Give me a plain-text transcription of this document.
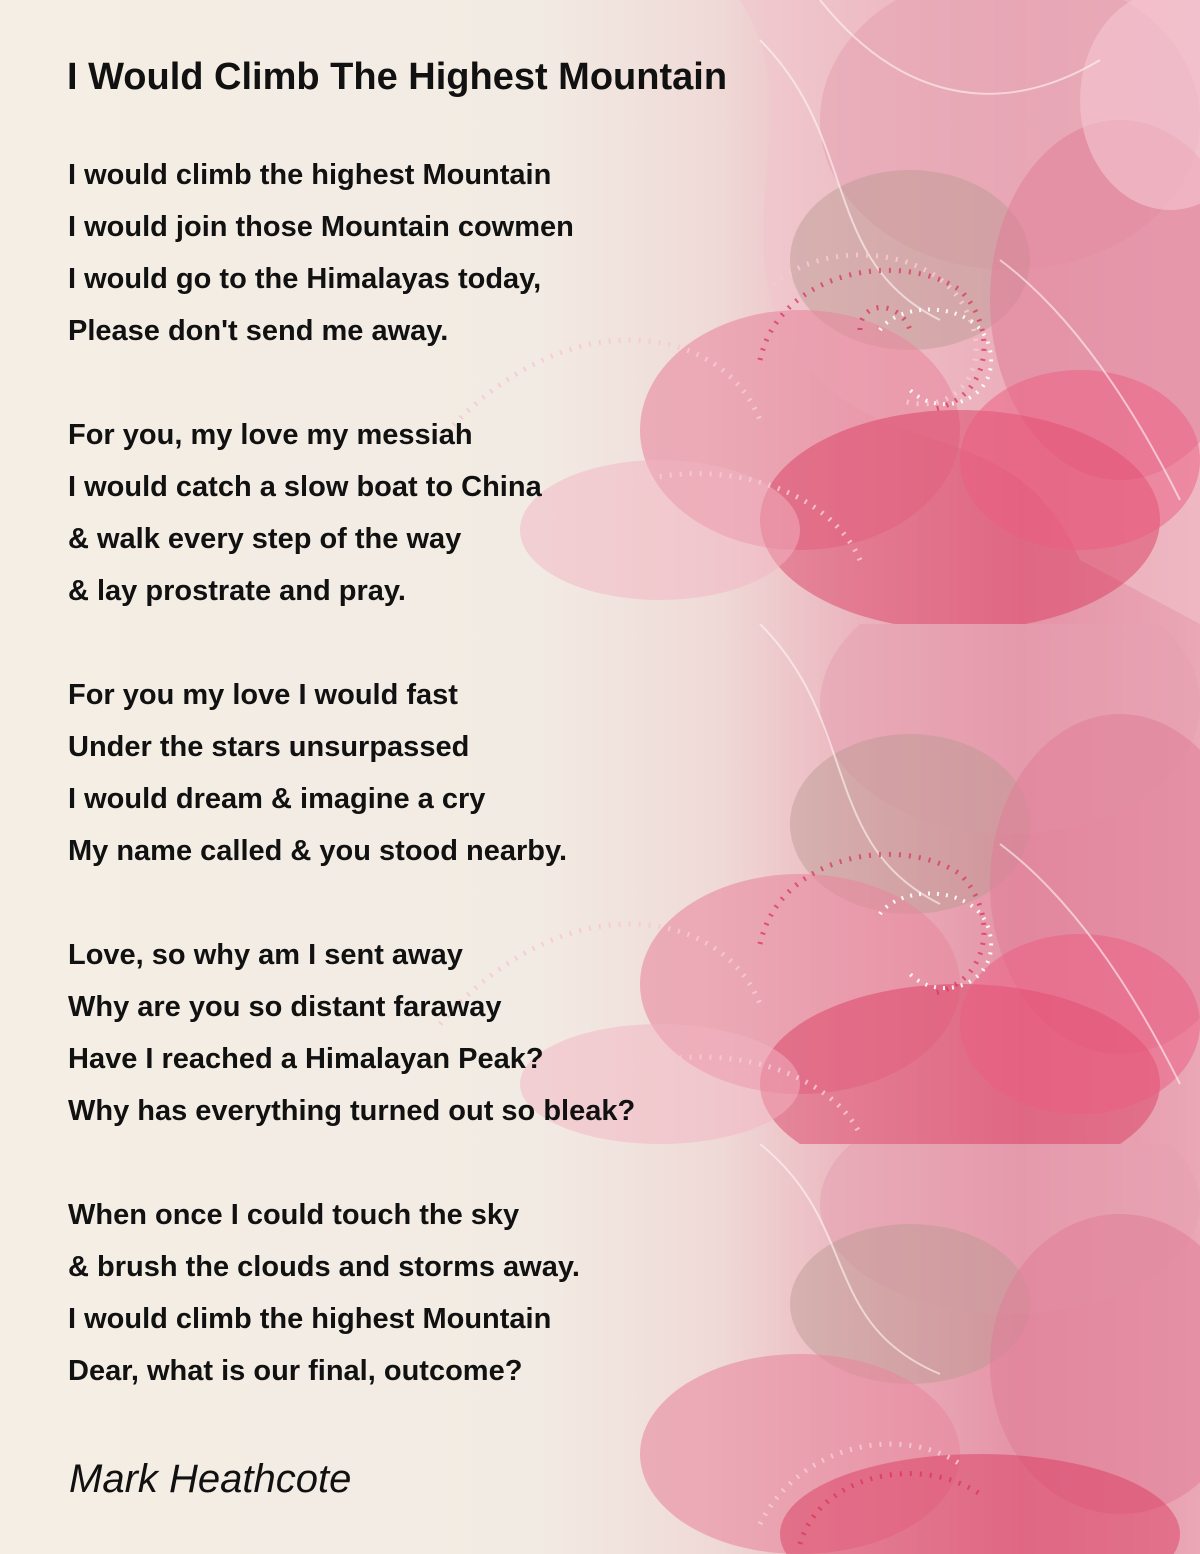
I Would Climb The Highest Mountain
I would climb the highest Mountain
I would join those Mountain cowmen
I would go to the Himalayas today,
Please don't send me away.
For you, my love my messiah
I would catch a slow boat to China
& walk every step of the way
& lay prostrate and pray.
For you my love I would fast
Under the stars unsurpassed
I would dream & imagine a cry
My name called & you stood nearby.
Love, so why am I sent away
Why are you so distant faraway
Have I reached a Himalayan Peak?
Why has everything turned out so bleak?
When once I could touch the sky
& brush the clouds and storms away.
I would climb the highest Mountain
Dear, what is our final, outcome?
Mark Heathcote
